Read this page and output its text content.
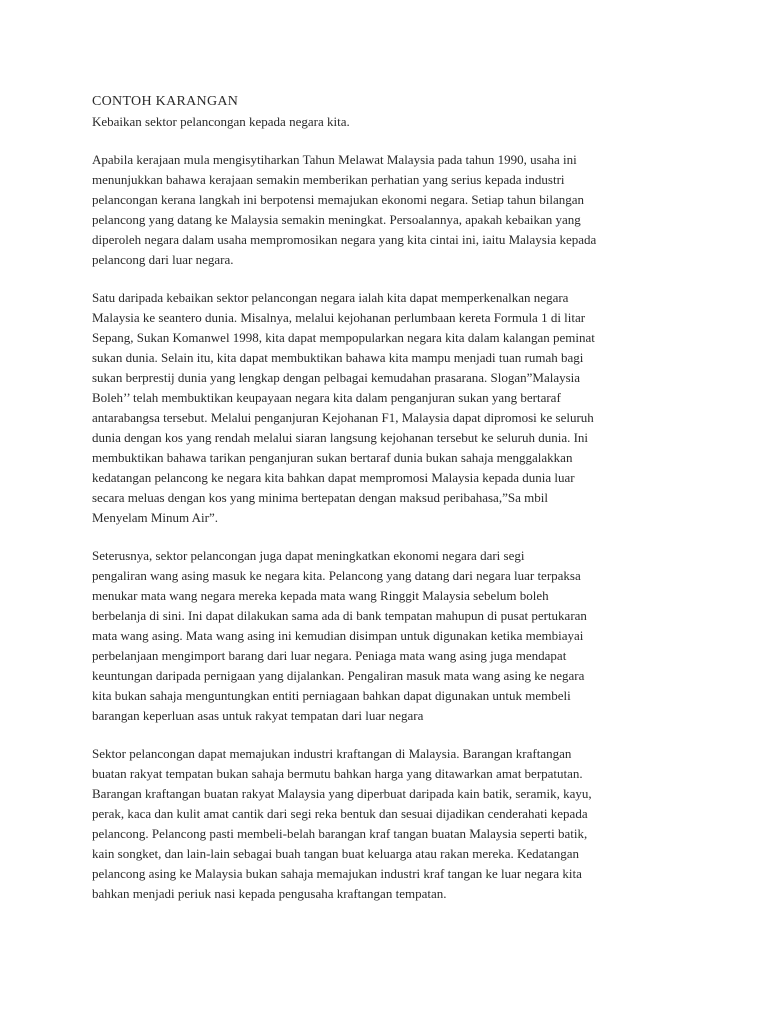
CONTOH KARANGAN
Kebaikan sektor pelancongan kepada negara kita.
Apabila kerajaan mula mengisytiharkan Tahun Melawat Malaysia pada tahun 1990, usaha ini
menunjukkan bahawa kerajaan semakin memberikan perhatian yang serius kepada industri
pelancongan kerana langkah ini berpotensi memajukan ekonomi negara. Setiap tahun bilangan
pelancong yang datang ke Malaysia semakin meningkat. Persoalannya, apakah kebaikan yang
diperoleh negara dalam usaha mempromosikan negara yang kita cintai ini, iaitu Malaysia kepada
pelancong dari luar negara.
Satu daripada kebaikan sektor pelancongan negara ialah kita dapat memperkenalkan negara
Malaysia ke seantero dunia. Misalnya, melalui kejohanan perlumbaan kereta Formula 1 di litar
Sepang, Sukan Komanwel 1998, kita dapat mempopularkan negara kita dalam kalangan peminat
sukan dunia. Selain itu, kita dapat membuktikan bahawa kita mampu menjadi tuan rumah bagi
sukan berprestij dunia yang lengkap dengan pelbagai kemudahan prasarana. Slogan”Malaysia
Boleh’’ telah membuktikan keupayaan negara kita dalam penganjuran sukan yang bertaraf
antarabangsa tersebut. Melalui penganjuran Kejohanan F1, Malaysia dapat dipromosi ke seluruh
dunia dengan kos yang rendah melalui siaran langsung kejohanan tersebut ke seluruh dunia. Ini
membuktikan bahawa tarikan penganjuran sukan bertaraf dunia bukan sahaja menggalakkan
kedatangan pelancong ke negara kita bahkan dapat mempromosi Malaysia kepada dunia luar
secara meluas dengan kos yang minima bertepatan dengan maksud peribahasa,”Sa mbil
Menyelam Minum Air”.
Seterusnya, sektor pelancongan juga dapat meningkatkan ekonomi negara dari segi
pengaliran wang asing masuk ke negara kita. Pelancong yang datang dari negara luar terpaksa
menukar mata wang negara mereka kepada mata wang Ringgit Malaysia sebelum boleh
berbelanja di sini. Ini dapat dilakukan sama ada di bank tempatan mahupun di pusat pertukaran
mata wang asing. Mata wang asing ini kemudian disimpan untuk digunakan ketika membiayai
perbelanjaan mengimport barang dari luar negara. Peniaga mata wang asing juga mendapat
keuntungan daripada pernigaan yang dijalankan. Pengaliran masuk mata wang asing ke negara
kita bukan sahaja menguntungkan entiti perniagaan bahkan dapat digunakan untuk membeli
barangan keperluan asas untuk rakyat tempatan dari luar negara
Sektor pelancongan dapat memajukan industri kraftangan di Malaysia. Barangan kraftangan
buatan rakyat tempatan bukan sahaja bermutu bahkan harga yang ditawarkan amat berpatutan.
Barangan kraftangan buatan rakyat Malaysia yang diperbuat daripada kain batik, seramik, kayu,
perak, kaca dan kulit amat cantik dari segi reka bentuk dan sesuai dijadikan cenderahati kepada
pelancong. Pelancong pasti membeli-belah barangan kraf tangan buatan Malaysia seperti batik,
kain songket, dan lain-lain sebagai buah tangan buat keluarga atau rakan mereka. Kedatangan
pelancong asing ke Malaysia bukan sahaja memajukan industri kraf tangan ke luar negara kita
bahkan menjadi periuk nasi kepada pengusaha kraftangan tempatan.
